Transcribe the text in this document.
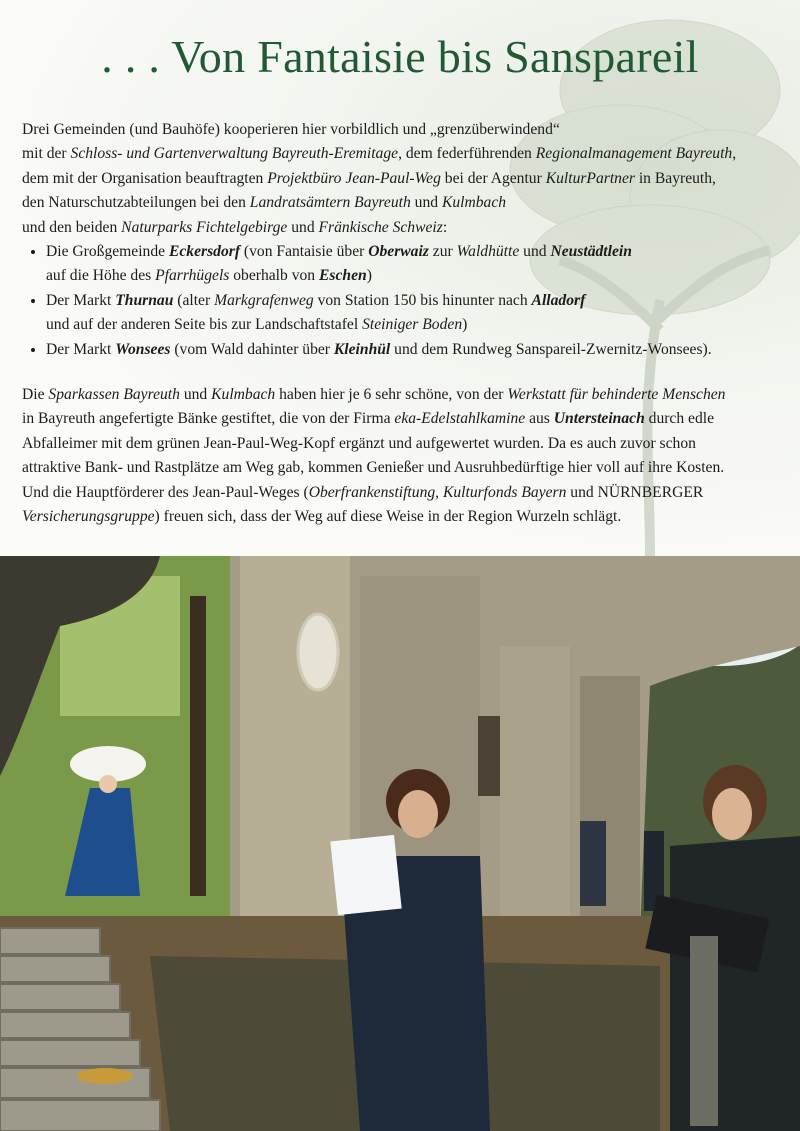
. . . Von Fantaisie bis Sanspareil

Drei Gemeinden (und Bauhöfe) kooperieren hier vorbildlich und „grenzüberwindend“

mit der Schloss- und Gartenverwaltung Bayreuth-Eremitage, dem federführenden Regionalmanagement Bayreuth,

dem mit der Organisation beauftragten Projektbüro Jean-Paul-Weg bei der Agentur KulturPartner in Bayreuth,

den Naturschutzabteilungen bei den Landratsämtern Bayreuth und Kulmbach

und den beiden Naturparks Fichtelgebirge und Fränkische Schweiz:

• Die Großgemeinde Eckersdorf (von Fantaisie über Oberwaiz zur Waldhütte und Neustädtlein
auf die Höhe des Pfarrhügels oberhalb von Eschen)
• Der Markt Thurnau (alter Markgrafenweg von Station 150 bis hinunter nach Alladorf
und auf der anderen Seite bis zur Landschaftstafel Steiniger Boden)
• Der Markt Wonsees (vom Wald dahinter über Kleinhül und dem Rundweg Sanspareil-Zwernitz-Wonsees).

Die Sparkassen Bayreuth und Kulmbach haben hier je 6 sehr schöne, von der Werkstatt für behinderte Menschen

in Bayreuth angefertigte Bänke gestiftet, die von der Firma eka-Edelstahlkamine aus Untersteinach durch edle

Abfalleimer mit dem grünen Jean-Paul-Weg-Kopf ergänzt und aufgewertet wurden. Da es auch zuvor schon

attraktive Bank- und Rastplätze am Weg gab, kommen Genießer und Ausruhbedürftige hier voll auf ihre Kosten.

Und die Hauptförderer des Jean-Paul-Weges (Oberfrankenstiftung, Kulturfonds Bayern und NÜRNBERGER

Versicherungsgruppe) freuen sich, dass der Weg auf diese Weise in der Region Wurzeln schlägt.
